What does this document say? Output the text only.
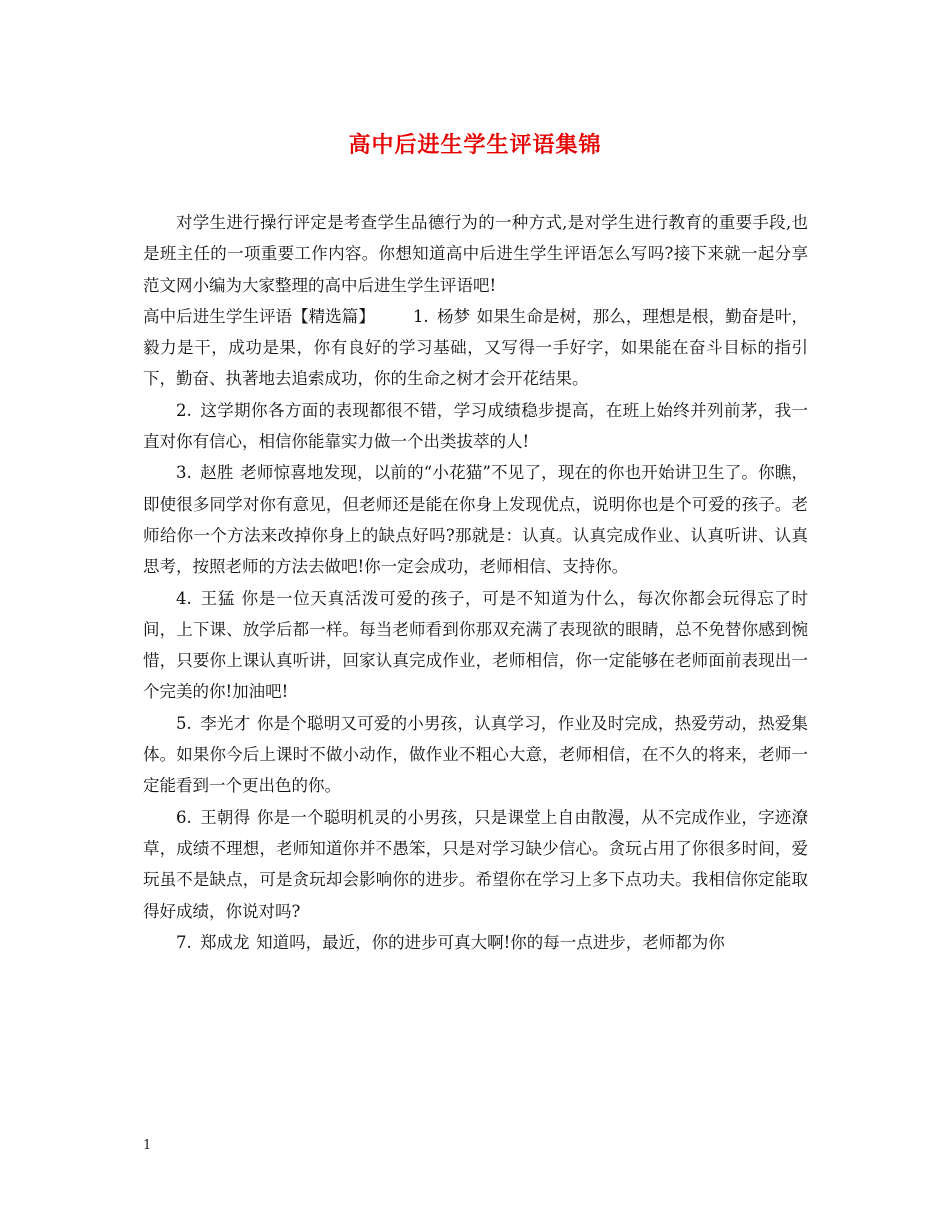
高中后进生学生评语集锦

对学生进行操行评定是考查学生品德行为的一种方式,是对学生进行教育的重要手段,也是班主任的一项重要工作内容。你想知道高中后进生学生评语怎么写吗?接下来就一起分享范文网小编为大家整理的高中后进生学生评语吧!

高中后进生学生评语【精选篇】 1. 杨梦 如果生命是树，那么，理想是根，勤奋是叶，毅力是干，成功是果，你有良好的学习基础，又写得一手好字，如果能在奋斗目标的指引下，勤奋、执著地去追索成功，你的生命之树才会开花结果。

2. 这学期你各方面的表现都很不错，学习成绩稳步提高，在班上始终并列前茅，我一直对你有信心，相信你能靠实力做一个出类拔萃的人!

3. 赵胜 老师惊喜地发现，以前的“小花猫”不见了，现在的你也开始讲卫生了。你瞧，即使很多同学对你有意见，但老师还是能在你身上发现优点，说明你也是个可爱的孩子。老师给你一个方法来改掉你身上的缺点好吗?那就是：认真。认真完成作业、认真听讲、认真思考，按照老师的方法去做吧!你一定会成功，老师相信、支持你。

4. 王猛 你是一位天真活泼可爱的孩子，可是不知道为什么，每次你都会玩得忘了时间，上下课、放学后都一样。每当老师看到你那双充满了表现欲的眼睛，总不免替你感到惋惜，只要你上课认真听讲，回家认真完成作业，老师相信，你一定能够在老师面前表现出一个完美的你!加油吧!

5. 李光才 你是个聪明又可爱的小男孩，认真学习，作业及时完成，热爱劳动，热爱集体。如果你今后上课时不做小动作，做作业不粗心大意，老师相信，在不久的将来，老师一定能看到一个更出色的你。

6. 王朝得 你是一个聪明机灵的小男孩，只是课堂上自由散漫，从不完成作业，字迹潦草，成绩不理想，老师知道你并不愚笨，只是对学习缺少信心。贪玩占用了你很多时间，爱玩虽不是缺点，可是贪玩却会影响你的进步。希望你在学习上多下点功夫。我相信你定能取得好成绩，你说对吗?

7. 郑成龙 知道吗，最近，你的进步可真大啊!你的每一点进步，老师都为你

1
